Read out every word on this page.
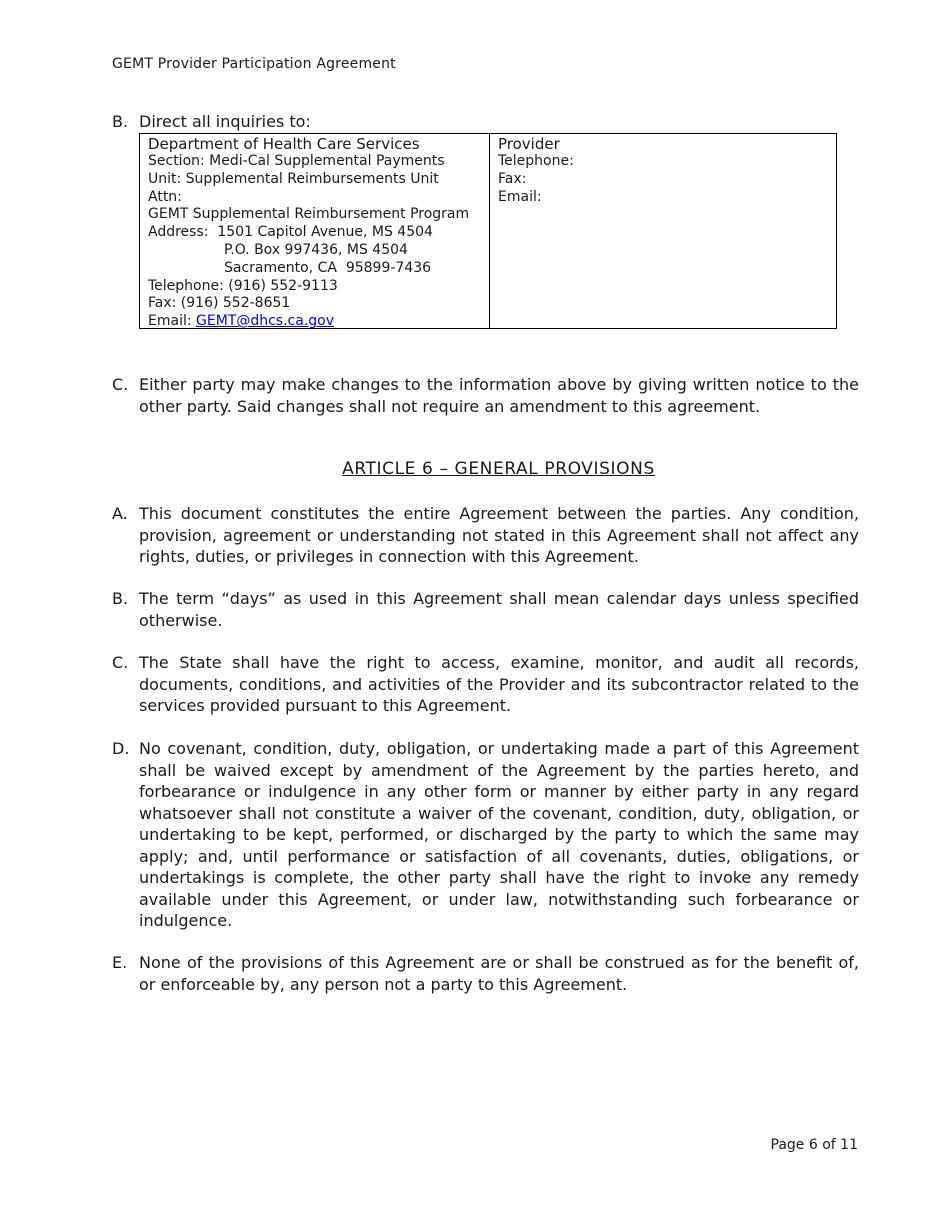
GEMT Provider Participation Agreement
B. Direct all inquiries to:
Department of Health Care Services
Section: Medi-Cal Supplemental Payments
Unit: Supplemental Reimbursements Unit
Attn:
GEMT Supplemental Reimbursement Program
Address:  1501 Capitol Avenue, MS 4504
P.O. Box 997436, MS 4504
Sacramento, CA  95899-7436
Telephone: (916) 552-9113
Fax: (916) 552-8651
Email: GEMT@dhcs.ca.gov
Provider
Telephone:
Fax:
Email:
C. Either party may make changes to the information above by giving written notice to the other party. Said changes shall not require an amendment to this agreement.
ARTICLE 6 – GENERAL PROVISIONS
A. This document constitutes the entire Agreement between the parties. Any condition, provision, agreement or understanding not stated in this Agreement shall not affect any rights, duties, or privileges in connection with this Agreement.
B. The term “days” as used in this Agreement shall mean calendar days unless specified otherwise.
C. The State shall have the right to access, examine, monitor, and audit all records, documents, conditions, and activities of the Provider and its subcontractor related to the services provided pursuant to this Agreement.
D. No covenant, condition, duty, obligation, or undertaking made a part of this Agreement shall be waived except by amendment of the Agreement by the parties hereto, and forbearance or indulgence in any other form or manner by either party in any regard whatsoever shall not constitute a waiver of the covenant, condition, duty, obligation, or undertaking to be kept, performed, or discharged by the party to which the same may apply; and, until performance or satisfaction of all covenants, duties, obligations, or undertakings is complete, the other party shall have the right to invoke any remedy available under this Agreement, or under law, notwithstanding such forbearance or indulgence.
E. None of the provisions of this Agreement are or shall be construed as for the benefit of, or enforceable by, any person not a party to this Agreement.
Page 6 of 11
